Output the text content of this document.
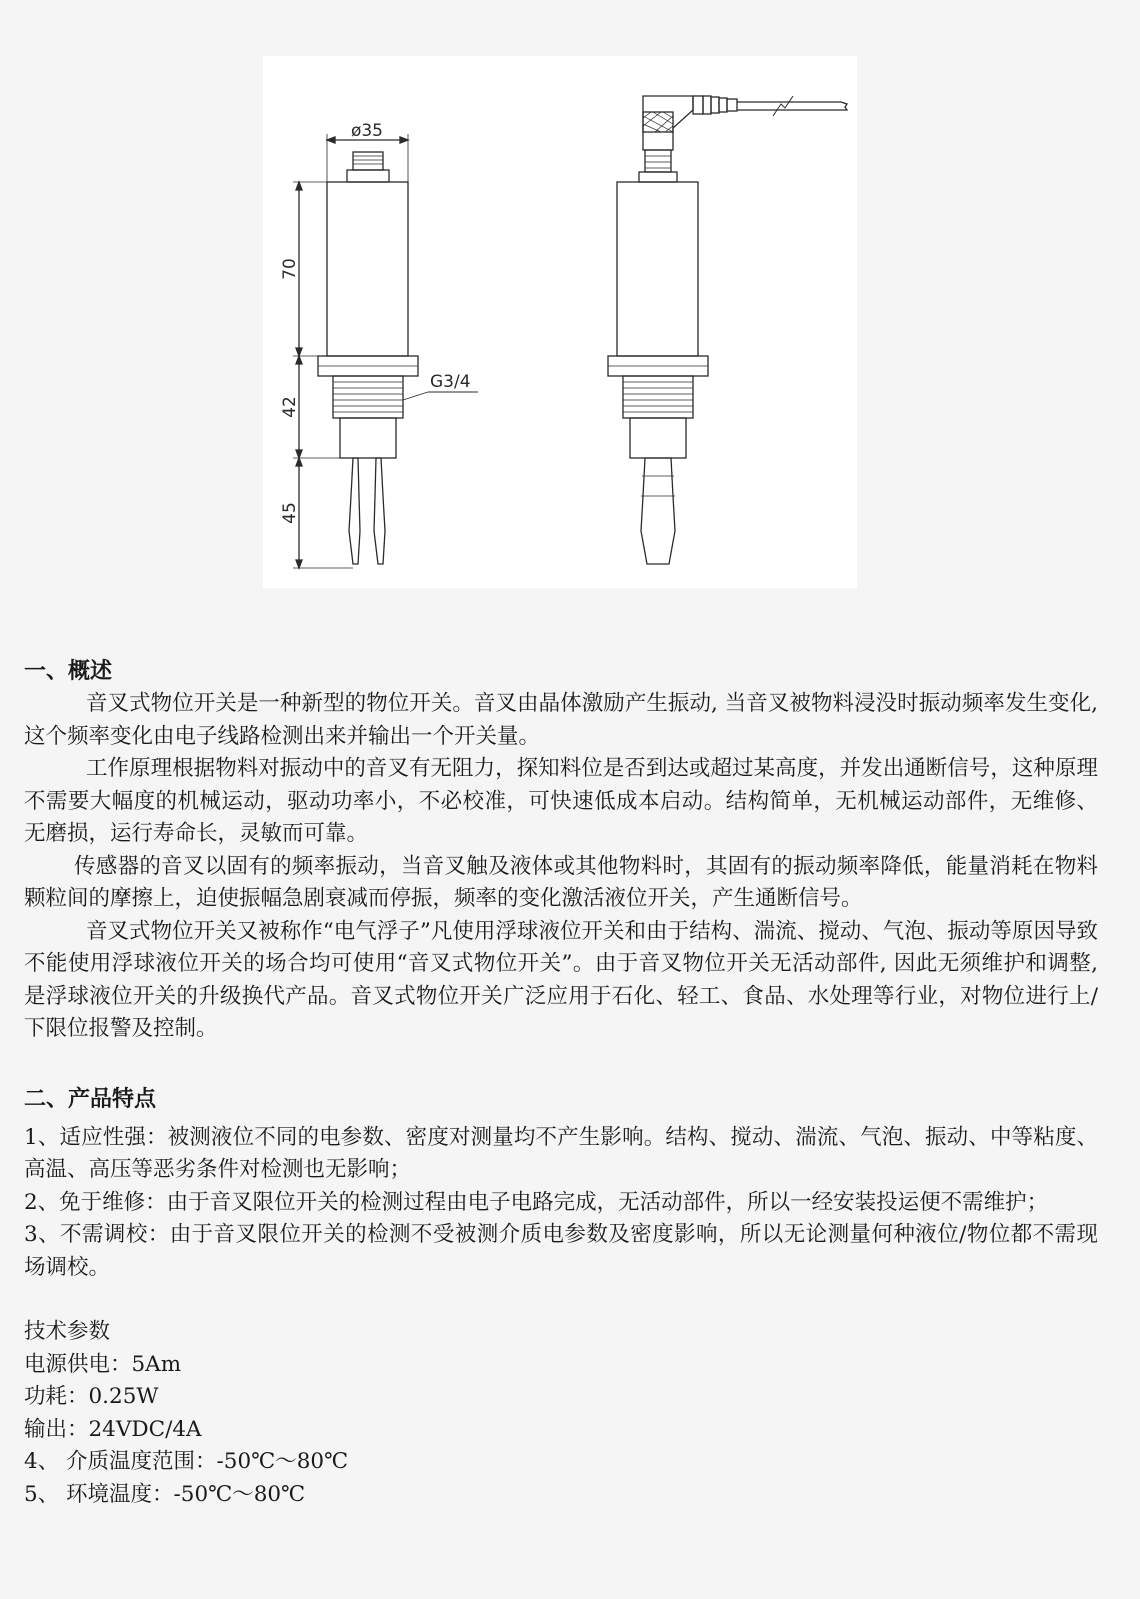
ø35
70
42
45
G3/4
一、概述

音叉式物位开关是一种新型的物位开关。音叉由晶体激励产生振动, 当音叉被物料浸没时振动频率发生变化, 这个频率变化由电子线路检测出来并输出一个开关量。

工作原理根据物料对振动中的音叉有无阻力，探知料位是否到达或超过某高度，并发出通断信号，这种原理不需要大幅度的机械运动，驱动功率小，不必校准，可快速低成本启动。结构简单，无机械运动部件，无维修、无磨损，运行寿命长，灵敏而可靠。

传感器的音叉以固有的频率振动，当音叉触及液体或其他物料时，其固有的振动频率降低，能量消耗在物料颗粒间的摩擦上，迫使振幅急剧衰减而停振，频率的变化激活液位开关，产生通断信号。

音叉式物位开关又被称作“电气浮子”凡使用浮球液位开关和由于结构、湍流、搅动、气泡、振动等原因导致不能使用浮球液位开关的场合均可使用“音叉式物位开关”。由于音叉物位开关无活动部件, 因此无须维护和调整, 是浮球液位开关的升级换代产品。音叉式物位开关广泛应用于石化、轻工、食品、水处理等行业，对物位进行上/下限位报警及控制。

二、产品特点

1、适应性强：被测液位不同的电参数、密度对测量均不产生影响。结构、搅动、湍流、气泡、振动、中等粘度、高温、高压等恶劣条件对检测也无影响；

2、免于维修：由于音叉限位开关的检测过程由电子电路完成，无活动部件，所以一经安装投运便不需维护；

3、不需调校：由于音叉限位开关的检测不受被测介质电参数及密度影响，所以无论测量何种液位/物位都不需现场调校。

技术参数

电源供电：5Am

功耗：0.25W

输出：24VDC/4A

4、 介质温度范围：-50℃～80℃

5、 环境温度：-50℃～80℃
